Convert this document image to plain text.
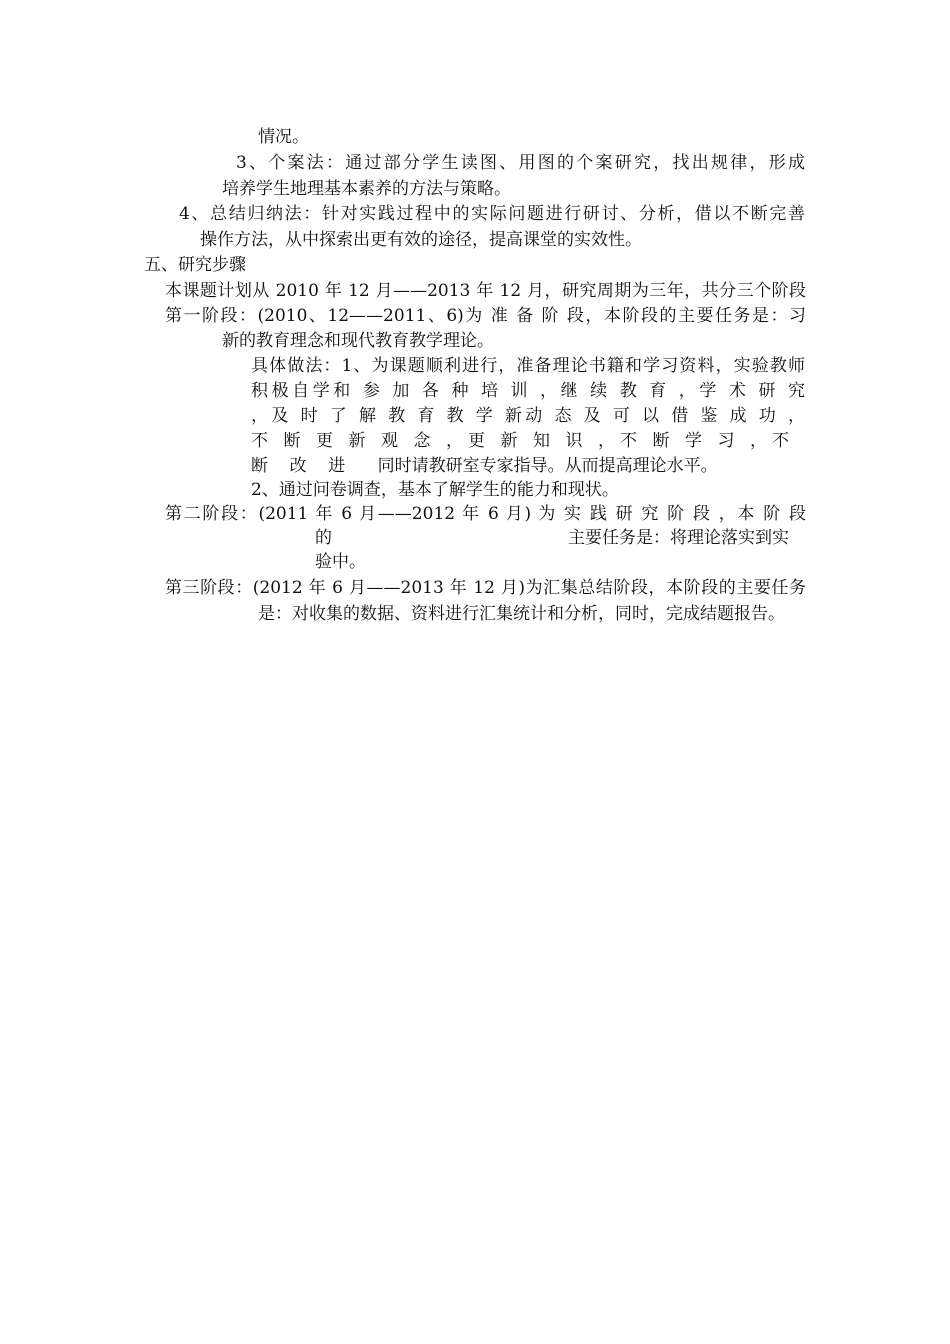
情况。
3、个案法：通过部分学生读图、用图的个案研究，找出规律，形成
培养学生地理基本素养的方法与策略。
4、总结归纳法：针对实践过程中的实际问题进行研讨、分析，借以不断完善
操作方法，从中探索出更有效的途径，提高课堂的实效性。
五、研究步骤
本课题计划从 2010 年 12 月——2013 年 12 月，研究周期为三年，共分三个阶段
第一阶段：(2010、12——2011、6)为 准 备 阶 段，本阶段的主要任务是：习
新的教育理念和现代教育教学理论。
具体做法：1、为课题顺利进行，准备理论书籍和学习资料，实验教师
积极自学和 参 加 各 种 培 训 ，继 续 教 育 ，学 术 研 究
，及 时 了 解 教 育 教 学 新动 态 及 可 以 借 鉴 成 功 ，
不 断 更 新 观 念 ，更 新 知 识 ，不 断 学 习 ，不
断    改    进      同时请教研室专家指导。从而提高理论水平。
2、通过问卷调查，基本了解学生的能力和现状。
第二阶段：(2011 年 6 月——2012 年 6 月) 为 实 践 研 究 阶 段 ，本 阶 段
的	主要任务是：将理论落实到实
验中。
第三阶段：(2012 年 6 月——2013 年 12 月)为汇集总结阶段，本阶段的主要任务
是：对收集的数据、资料进行汇集统计和分析，同时，完成结题报告。
